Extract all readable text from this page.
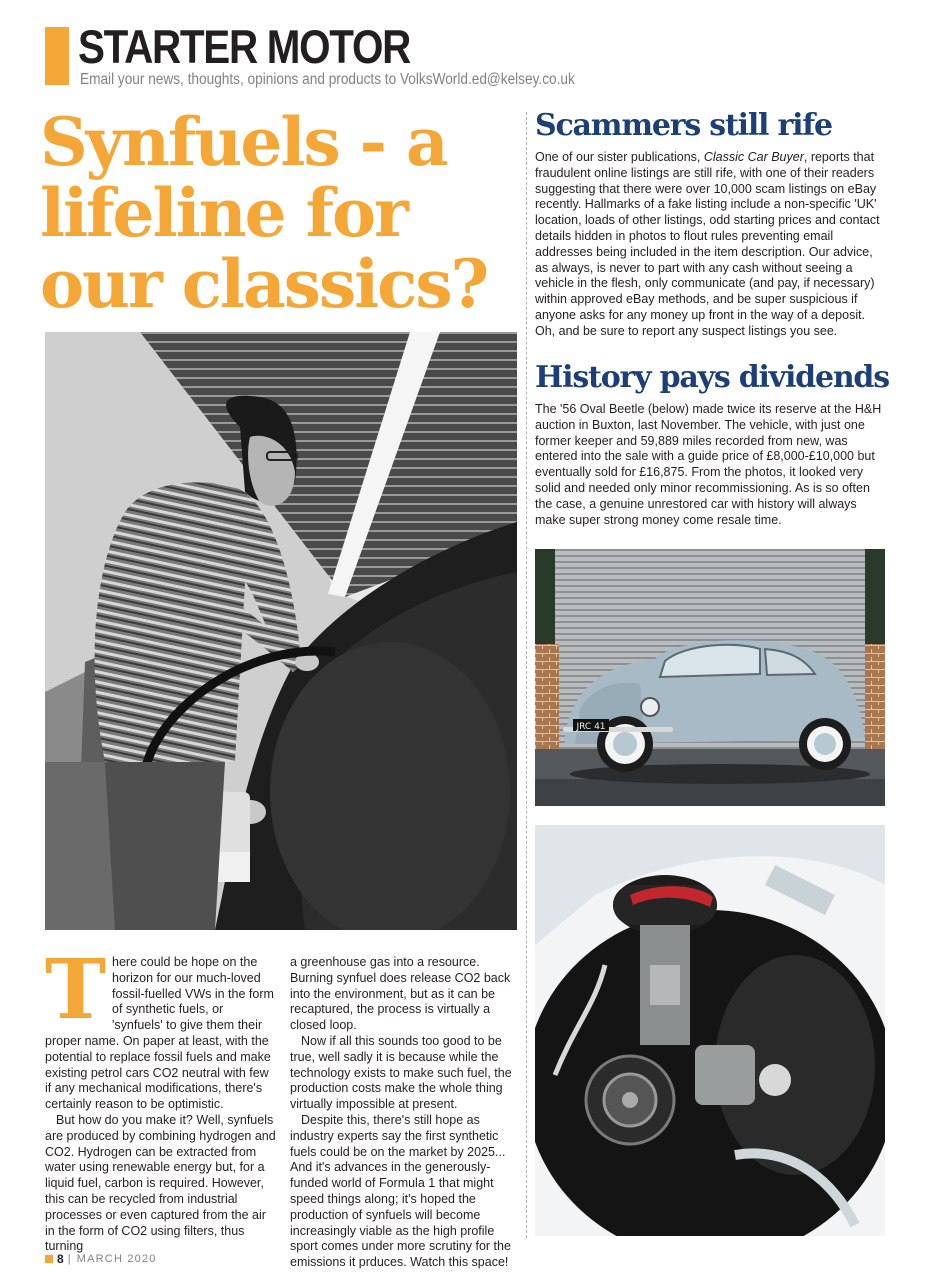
STARTER MOTOR
Email your news, thoughts, opinions and products to VolksWorld.ed@kelsey.co.uk
Synfuels - a
lifeline for
our classics?
T here could be hope on the horizon for our much-loved fossil-fuelled VWs in the form of synthetic fuels, or 'synfuels' to give them their proper name. On paper at least, with the potential to replace fossil fuels and make existing petrol cars CO2 neutral with few if any mechanical modifications, there's certainly reason to be optimistic.

But how do you make it? Well, synfuels are produced by combining hydrogen and CO2. Hydrogen can be extracted from water using renewable energy but, for a liquid fuel, carbon is required. However, this can be recycled from industrial processes or even captured from the air in the form of CO2 using filters, thus turning

a greenhouse gas into a resource. Burning synfuel does release CO2 back into the environment, but as it can be recaptured, the process is virtually a closed loop.

Now if all this sounds too good to be true, well sadly it is because while the technology exists to make such fuel, the production costs make the whole thing virtually impossible at present.

Despite this, there's still hope as industry experts say the first synthetic fuels could be on the market by 2025... And it's advances in the generously-funded world of Formula 1 that might speed things along; it's hoped the production of synfuels will become increasingly viable as the high profile sport comes under more scrutiny for the emissions it prduces. Watch this space!

Scammers still rife

One of our sister publications, Classic Car Buyer, reports that fraudulent online listings are still rife, with one of their readers suggesting that there were over 10,000 scam listings on eBay recently. Hallmarks of a fake listing include a non-specific 'UK' location, loads of other listings, odd starting prices and contact details hidden in photos to flout rules preventing email addresses being included in the item description. Our advice, as always, is never to part with any cash without seeing a vehicle in the flesh, only communicate (and pay, if necessary) within approved eBay methods, and be super suspicious if anyone asks for any money up front in the way of a deposit. Oh, and be sure to report any suspect listings you see.

History pays dividends

The '56 Oval Beetle (below) made twice its reserve at the H&H auction in Buxton, last November. The vehicle, with just one former keeper and 59,889 miles recorded from new, was entered into the sale with a guide price of £8,000-£10,000 but eventually sold for £16,875. From the photos, it looked very solid and needed only minor recommissioning. As is so often the case, a genuine unrestored car with history will always make super strong money come resale time.

JRC 41
8 | MARCH 2020
